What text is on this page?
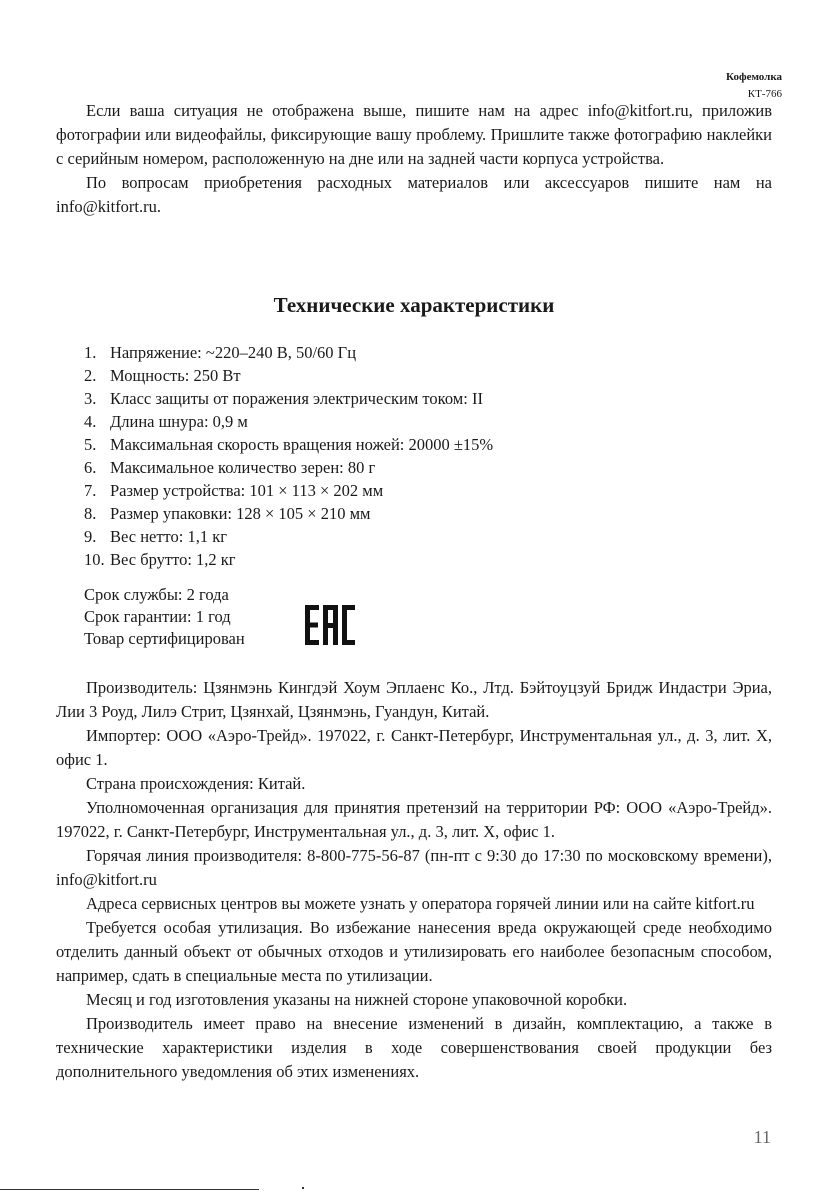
Кофемолка
КТ-766

Если ваша ситуация не отображена выше, пишите нам на адрес info@kitfort.ru, приложив фотографии или видеофайлы, фиксирующие вашу проблему. Пришлите также фотографию наклейки с серийным номером, расположенную на дне или на задней части корпуса устройства.

По вопросам приобретения расходных материалов или аксессуаров пишите нам на info@kitfort.ru.

Технические характеристики
1. Напряжение: ~220–240 В, 50/60 Гц
2. Мощность: 250 Вт
3. Класс защиты от поражения электрическим током: II
4. Длина шнура: 0,9 м
5. Максимальная скорость вращения ножей: 20000 ±15%
6. Максимальное количество зерен: 80 г
7. Размер устройства: 101 × 113 × 202 мм
8. Размер упаковки: 128 × 105 × 210 мм
9. Вес нетто: 1,1 кг
10. Вес брутто: 1,2 кг
Срок службы: 2 года
Срок гарантии: 1 год
Товар сертифицирован

Производитель: Цзянмэнь Кингдэй Хоум Эплаенс Ко., Лтд. Бэйтоуцзуй Бридж Индастри Эриа, Лии 3 Роуд, Лилэ Стрит, Цзянхай, Цзянмэнь, Гуандун, Китай.

Импортер: ООО «Аэро-Трейд». 197022, г. Санкт-Петербург, Инструментальная ул., д. 3, лит. Х, офис 1.

Страна происхождения: Китай.

Уполномоченная организация для принятия претензий на территории РФ: ООО «Аэро-Трейд». 197022, г. Санкт-Петербург, Инструментальная ул., д. 3, лит. Х, офис 1.

Горячая линия производителя: 8-800-775-56-87 (пн-пт с 9:30 до 17:30 по московскому времени), info@kitfort.ru

Адреса сервисных центров вы можете узнать у оператора горячей линии или на сайте kitfort.ru

Требуется особая утилизация. Во избежание нанесения вреда окружающей среде необходимо отделить данный объект от обычных отходов и утилизировать его наиболее безопасным способом, например, сдать в специальные места по утилизации.

Месяц и год изготовления указаны на нижней стороне упаковочной коробки.

Производитель имеет право на внесение изменений в дизайн, комплектацию, а также в технические характеристики изделия в ходе совершенствования своей продукции без дополнительного уведомления об этих изменениях.

11
